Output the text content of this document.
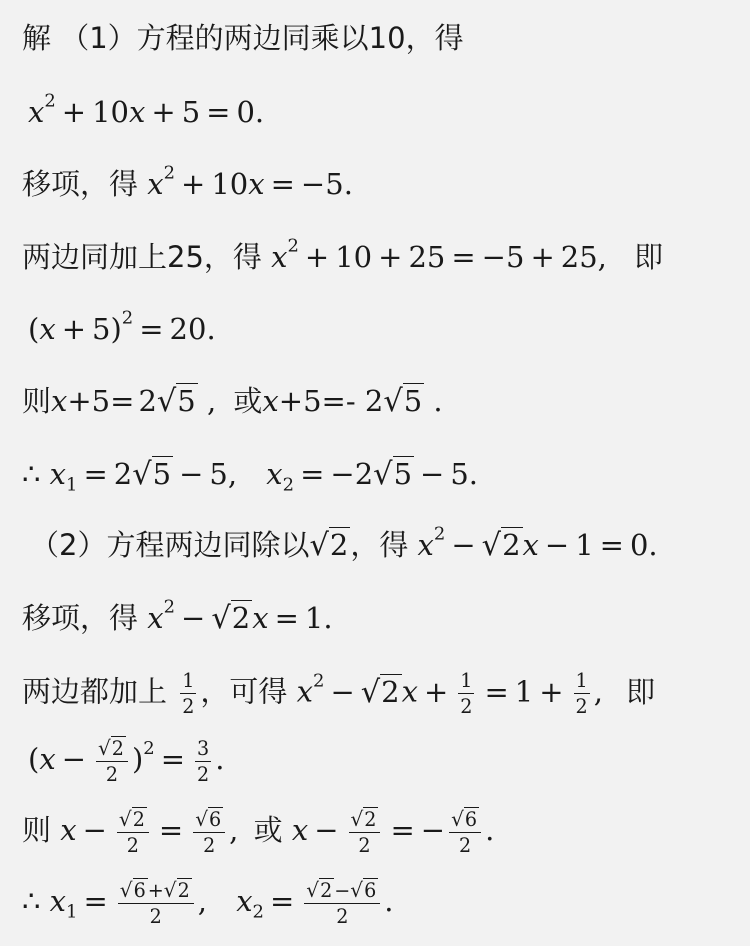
解 （1）方程的两边同乘以10，得
$x^2 + 10x + 5 = 0$.
移项，得 $x^2 + 10x = -5$.
两边同加上25，得 $x^2 + 10 + 25 = -5 + 25$, 即
$(x + 5)^2 = 20$.
则x+5= 2√5 , 或x+5=- 2√5 .
∴ $x_1 = 2√5 - 5$, $x_2 = -2√5 - 5$.
（2）方程两边同除以√2，得 $x^2 - √2x - 1 = 0$.
移项，得 $x^2 - √2x = 1$.
两边都加上 $\frac{1}{2}$ ，可得 $x^2 - √2x + \frac{1}{2} = 1 + \frac{1}{2}$ , 即
$(x - \frac{√2}{2} )^2 = \frac{3}{2}$ .
则 $x - \frac{√2}{2} = \frac{√6}{2}$ , 或 $x - \frac{√2}{2}$ = − $\frac{√6}{2}$ .
∴ $x_1 = \frac{√6 +√2}{2}$ , $x_2 = \frac{√2 -√6}{2}$ .
